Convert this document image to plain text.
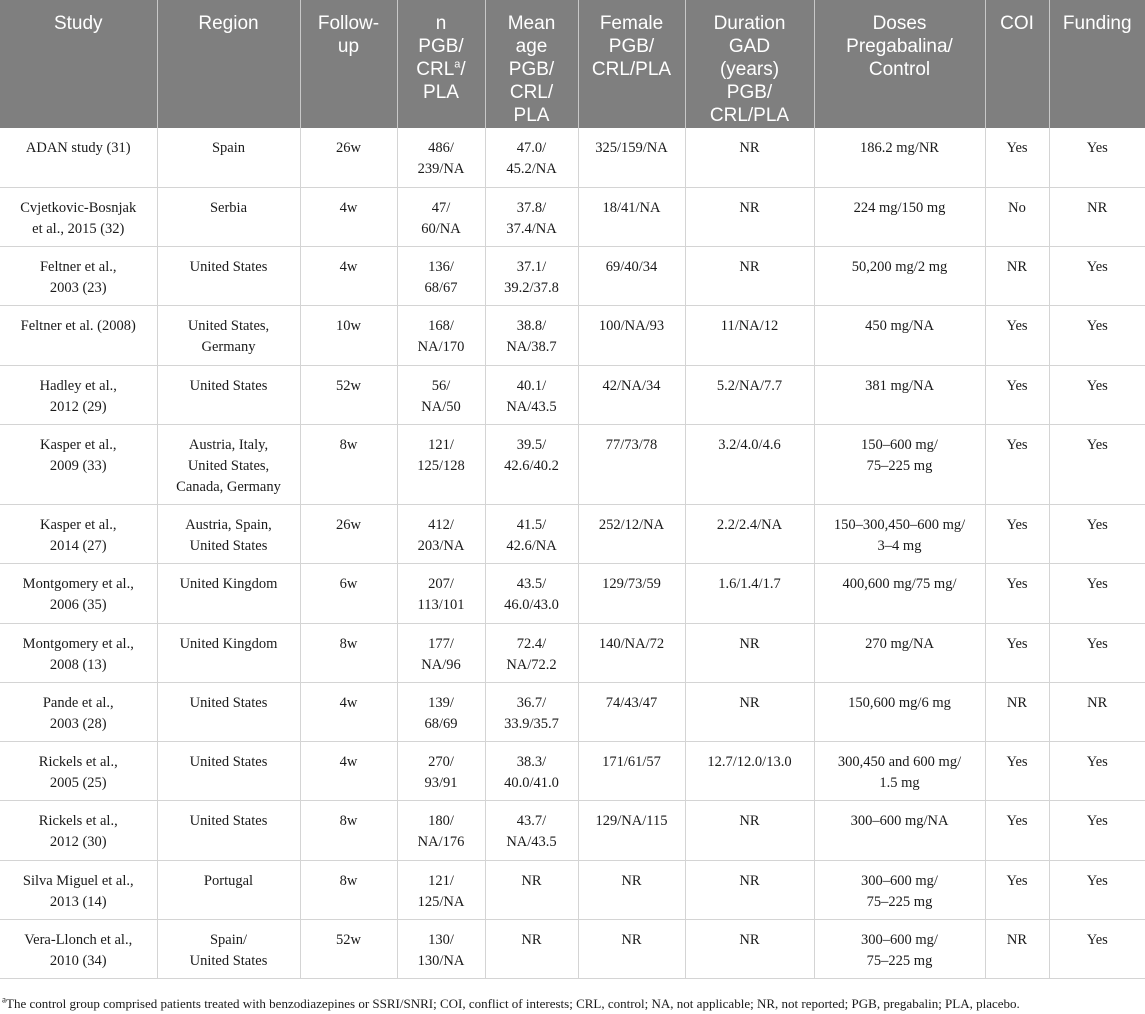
Study	Region	Follow-
up	n
PGB/
CRL$^a$/
PLA	Mean
age
PGB/
CRL/
PLA	Female
PGB/
CRL/PLA	Duration
GAD
(years)
PGB/
CRL/PLA	Doses
Pregabalina/
Control	COI	Funding
ADAN study (31)	Spain	26w	486/
239/NA	47.0/
45.2/NA	325/159/NA	NR	186.2 mg/NR	Yes	Yes
Cvjetkovic-Bosnjak
et al., 2015 (32)	Serbia	4w	47/
60/NA	37.8/
37.4/NA	18/41/NA	NR	224 mg/150 mg	No	NR
Feltner et al.,
2003 (23)	United States	4w	136/
68/67	37.1/
39.2/37.8	69/40/34	NR	50,200 mg/2 mg	NR	Yes
Feltner et al. (2008)	United States,
Germany	10w	168/
NA/170	38.8/
NA/38.7	100/NA/93	11/NA/12	450 mg/NA	Yes	Yes
Hadley et al.,
2012 (29)	United States	52w	56/
NA/50	40.1/
NA/43.5	42/NA/34	5.2/NA/7.7	381 mg/NA	Yes	Yes
Kasper et al.,
2009 (33)	Austria, Italy,
United States,
Canada, Germany	8w	121/
125/128	39.5/
42.6/40.2	77/73/78	3.2/4.0/4.6	150–600 mg/
75–225 mg	Yes	Yes
Kasper et al.,
2014 (27)	Austria, Spain,
United States	26w	412/
203/NA	41.5/
42.6/NA	252/12/NA	2.2/2.4/NA	150–300,450–600 mg/
3–4 mg	Yes	Yes
Montgomery et al.,
2006 (35)	United Kingdom	6w	207/
113/101	43.5/
46.0/43.0	129/73/59	1.6/1.4/1.7	400,600 mg/75 mg/	Yes	Yes
Montgomery et al.,
2008 (13)	United Kingdom	8w	177/
NA/96	72.4/
NA/72.2	140/NA/72	NR	270 mg/NA	Yes	Yes
Pande et al.,
2003 (28)	United States	4w	139/
68/69	36.7/
33.9/35.7	74/43/47	NR	150,600 mg/6 mg	NR	NR
Rickels et al.,
2005 (25)	United States	4w	270/
93/91	38.3/
40.0/41.0	171/61/57	12.7/12.0/13.0	300,450 and 600 mg/
1.5 mg	Yes	Yes
Rickels et al.,
2012 (30)	United States	8w	180/
NA/176	43.7/
NA/43.5	129/NA/115	NR	300–600 mg/NA	Yes	Yes
Silva Miguel et al.,
2013 (14)	Portugal	8w	121/
125/NA	NR	NR	NR	300–600 mg/
75–225 mg	Yes	Yes
Vera-Llonch et al.,
2010 (34)	Spain/
United States	52w	130/
130/NA	NR	NR	NR	300–600 mg/
75–225 mg	NR	Yes
$^a$The control group comprised patients treated with benzodiazepines or SSRI/SNRI; COI, conflict of interests; CRL, control; NA, not applicable; NR, not reported; PGB, pregabalin; PLA, placebo.
